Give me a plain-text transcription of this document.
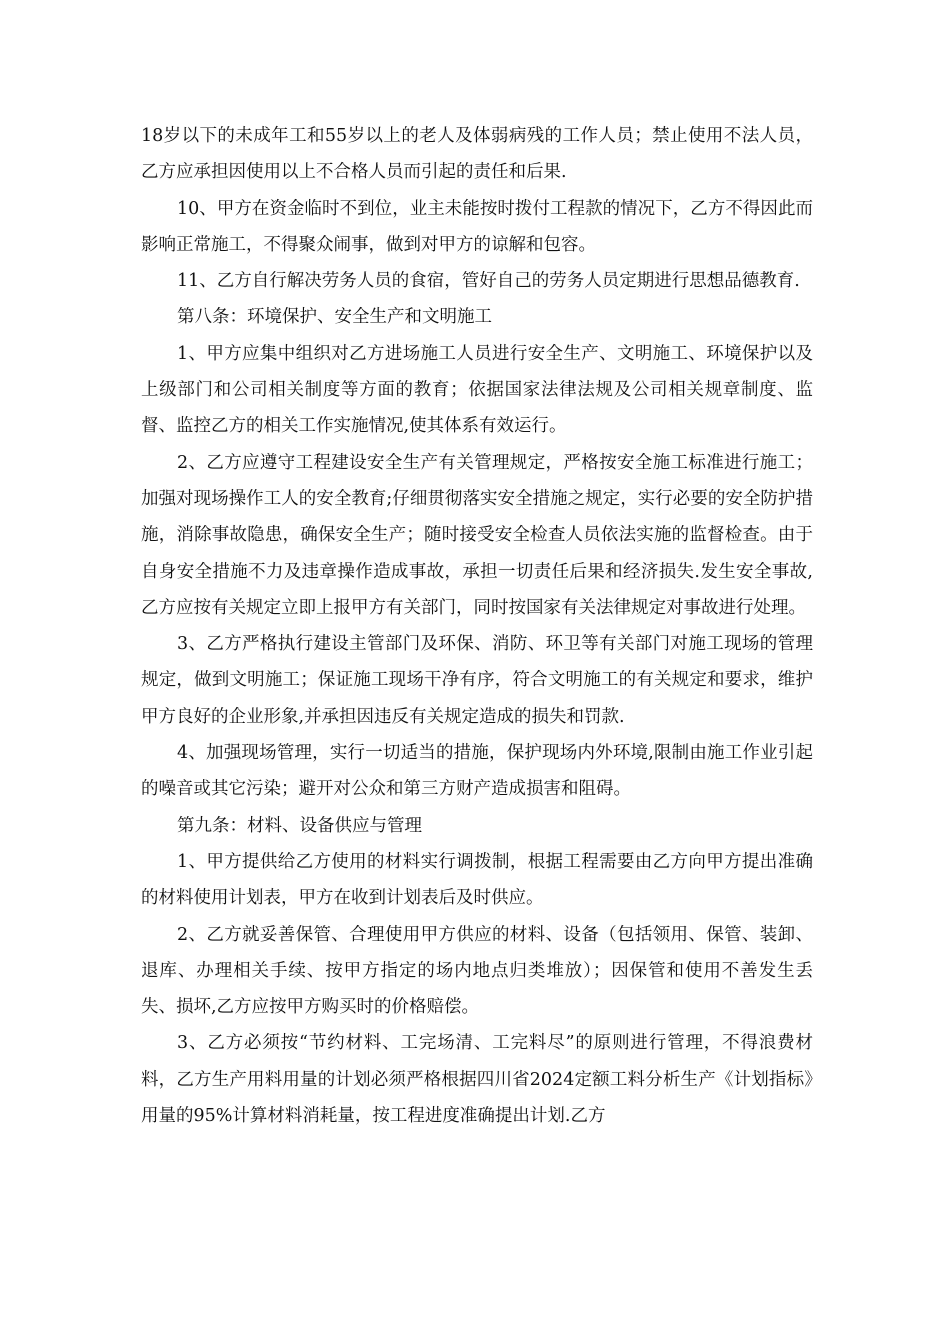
18岁以下的未成年工和55岁以上的老人及体弱病残的工作人员；禁止使用不法人员，乙方应承担因使用以上不合格人员而引起的责任和后果.

10、甲方在资金临时不到位，业主未能按时拨付工程款的情况下，乙方不得因此而影响正常施工，不得聚众闹事，做到对甲方的谅解和包容。

11、乙方自行解决劳务人员的食宿，管好自己的劳务人员定期进行思想品德教育.

第八条：环境保护、安全生产和文明施工

1、甲方应集中组织对乙方进场施工人员进行安全生产、文明施工、环境保护以及上级部门和公司相关制度等方面的教育；依据国家法律法规及公司相关规章制度、监督、监控乙方的相关工作实施情况,使其体系有效运行。

2、乙方应遵守工程建设安全生产有关管理规定，严格按安全施工标准进行施工；加强对现场操作工人的安全教育;仔细贯彻落实安全措施之规定，实行必要的安全防护措施，消除事故隐患，确保安全生产；随时接受安全检查人员依法实施的监督检查。由于自身安全措施不力及违章操作造成事故，承担一切责任后果和经济损失.发生安全事故,乙方应按有关规定立即上报甲方有关部门，同时按国家有关法律规定对事故进行处理。

3、乙方严格执行建设主管部门及环保、消防、环卫等有关部门对施工现场的管理规定，做到文明施工；保证施工现场干净有序，符合文明施工的有关规定和要求，维护甲方良好的企业形象,并承担因违反有关规定造成的损失和罚款.

4、加强现场管理，实行一切适当的措施，保护现场内外环境,限制由施工作业引起的噪音或其它污染；避开对公众和第三方财产造成损害和阻碍。

第九条：材料、设备供应与管理

1、甲方提供给乙方使用的材料实行调拨制，根据工程需要由乙方向甲方提出准确的材料使用计划表，甲方在收到计划表后及时供应。

2、乙方就妥善保管、合理使用甲方供应的材料、设备（包括领用、保管、装卸、退库、办理相关手续、按甲方指定的场内地点归类堆放）；因保管和使用不善发生丢失、损坏,乙方应按甲方购买时的价格赔偿。

3、乙方必须按“节约材料、工完场清、工完料尽”的原则进行管理，不得浪费材料，乙方生产用料用量的计划必须严格根据四川省2024定额工料分析生产《计划指标》用量的95%计算材料消耗量，按工程进度准确提出计划.乙方
